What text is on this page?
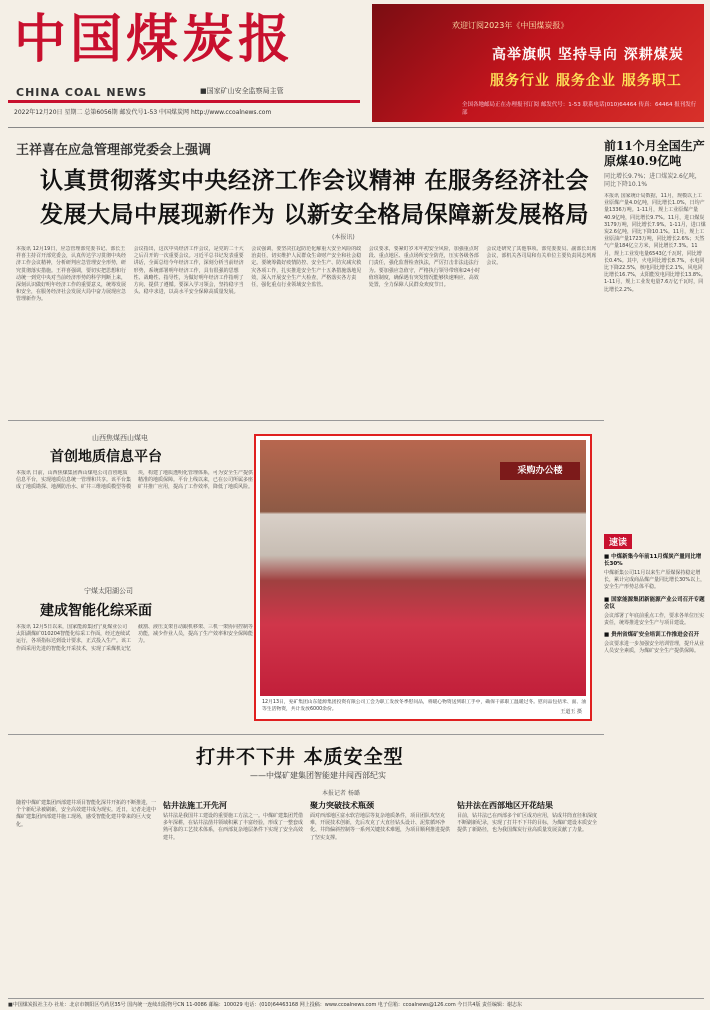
中国煤炭报
CHINA COAL NEWS	■国家矿山安全监察局主管
2022年12月20日 星期二 总第6056期 邮发代号1-53 中国煤炭网 http://www.ccoalnews.com
欢迎订阅2023年《中国煤炭报》
高举旗帜 坚持导向 深耕煤炭
服务行业 服务企业 服务职工
全国各地邮局正在办理报刊订阅 邮发代号：1-53 联系电话(010)64464 传真：64464 报刊发行部
王祥喜在应急管理部党委会上强调
认真贯彻落实中央经济工作会议精神 在服务经济社会
发展大局中展现新作为 以新安全格局保障新发展格局
(本报讯)
本报讯 12月19日，应急管理部党委书记、部长王祥喜主持召开部党委会，认真传达学习贯彻中央经济工作会议精神，分析研判应急管理安全形势，研究贯彻落实措施。王祥喜强调，要切实把思想和行动统一到党中央对当前经济形势的科学判断上来，深刻认识做好明年经济工作的重要意义，统筹发展和安全，在服务经济社会发展大局中奋力展现应急管理新作为。
会议指出，这次中央经济工作会议，是党的二十大之后召开的一次重要会议。习近平总书记发表重要讲话，全面总结今年经济工作，深刻分析当前经济形势，系统部署明年经济工作，具有很强的思想性、战略性、指导性，为做好明年经济工作指明了方向、提供了遵循。要深入学习领会，坚持稳字当头、稳中求进，以高水平安全保障高质量发展。
会议强调，要坚决扛起防范化解重大安全风险的政治责任，切实维护人民群众生命财产安全和社会稳定。要统筹做好疫情防控、安全生产、防灾减灾救灾各项工作，扎实推进安全生产十五条措施落地见效，深入开展安全生产大检查，严格落实各方责任，强化重点行业领域安全监管。
会议要求，要紧盯岁末年初安全风险，加强重点时段、重点地区、重点场所安全防范，压实各级各部门责任，强化监督检查执法，严厉打击非法违法行为。要加强应急值守，严格执行领导带班和24小时值班制度，确保遇有突发情况能够快速响应、高效处置，全力保障人民群众欢度节日。
会议还研究了其他事项。部党委委员、副部长出席会议，部机关各司局和有关单位主要负责同志列席会议。
前11个月全国生产原煤40.9亿吨
同比增长9.7%；进口煤炭2.6亿吨，同比下降10.1%
本报讯 国家统计局数据，11月，规模以上工业原煤产量4.0亿吨，同比增长1.0%，日均产量1336万吨。1-11月，规上工业原煤产量40.9亿吨，同比增长9.7%。11月，进口煤炭3179万吨，同比增长7.9%。1-11月，进口煤炭2.6亿吨，同比下降10.1%。11月，规上工业原油产量1723万吨，同比增长2.6%；天然气产量184亿立方米，同比增长7.3%。11月，规上工业发电量6543亿千瓦时，同比增长0.4%。其中，火电同比增长8.7%，水电同比下降22.5%，核电同比增长2.1%，风电同比增长16.7%，太阳能发电同比增长13.8%。1-11月，规上工业发电量7.6万亿千瓦时，同比增长2.2%。
山西焦煤西山煤电
首创地质信息平台
本报讯 日前，山西焦煤集团西山煤电公司首创地质信息平台，实现地质信息统一管理和共享。该平台集成了地质勘探、地测防治水、矿井三维地质模型等模块，构建了地质透明化管理体系，可为安全生产提供精准的地质保障。平台上线以来，已在公司所属多座矿井推广应用，提高了工作效率，降低了地质风险。
宁煤太阳湖公司
建成智能化综采面
本报讯 12月5日以来，国家能源集团宁夏煤业公司太阳湖煤矿010204智能化综采工作面，经过连续试运行，各项指标达到设计要求，正式投入生产。该工作面采用先进的智能化开采技术，实现了采煤机记忆截割、液压支架自动跟机移架、三机一架协同控制等功能，减少作业人员，提高了生产效率和安全保障能力。
采购办公楼
12月13日，兖矿集团山东能源集团投资有限公司工会为职工发放冬季慰问品，将暖心物资送到职工手中，确保干部职工温暖过冬。慰问品包括米、面、油等生活物资，共计发放6000余份。	王道玉 摄
打井不下井 本质安全型
——中煤矿建集团智能建井闯西部纪实
本报记者 杨璐
随着中煤矿建集团西部建井项目智能化深井开拓的不断推进，一个个新纪录被刷新，安全高效建井成为现实。近日，记者走进中煤矿建集团西部建井施工现场，感受智能化建井带来的巨大变化。
钻井法施工开先河
钻井法是我国井工建设的重要施工方法之一。中煤矿建集团凭借多年深耕，在钻井法凿井领域积累了丰富经验，形成了一整套成熟可靠的工艺技术体系，在西部复杂地层条件下实现了安全高效建井。
聚力突破技术瓶颈
面对西部地区富水软岩地层等复杂地质条件，项目团队攻坚克难，开展技术创新，先后攻克了大直径钻头设计、泥浆循环净化、井筒偏斜控制等一系列关键技术难题，为项目顺利推进提供了坚实支撑。
钻井法在西部地区开花结果
目前，钻井法已在西部多个矿区成功应用，钻成井筒直径和深度不断刷新纪录，实现了打井不下井的目标，为煤矿建设本质安全提供了新路径，也为我国煤炭行业高质量发展贡献了力量。
速读
■ 中煤新集今年前11月煤炭产量同比增长30%
中煤新集公司11月以来生产原煤保持稳定增长，累计完成商品煤产量同比增长30%以上，安全生产形势总体平稳。
■ 国家能源集团新能源产业公司召开专题会议
会议部署了年底前重点工作，要求各单位压实责任，统筹推进安全生产与项目建设。
■ 贵州省煤矿安全培训工作推进会召开
会议要求进一步加强安全培训管理，提升从业人员安全素质，为煤矿安全生产提供保障。
■中国煤炭报社主办 社址：北京市朝阳区芍药居35号 国内统一连续出版物号CN 11-0086 邮编：100029 电话：(010)64463168 网上投稿：www.ccoalnews.com 电子信箱：ccoalnews@126.com 今日共4版 责任编辑：谢志东
